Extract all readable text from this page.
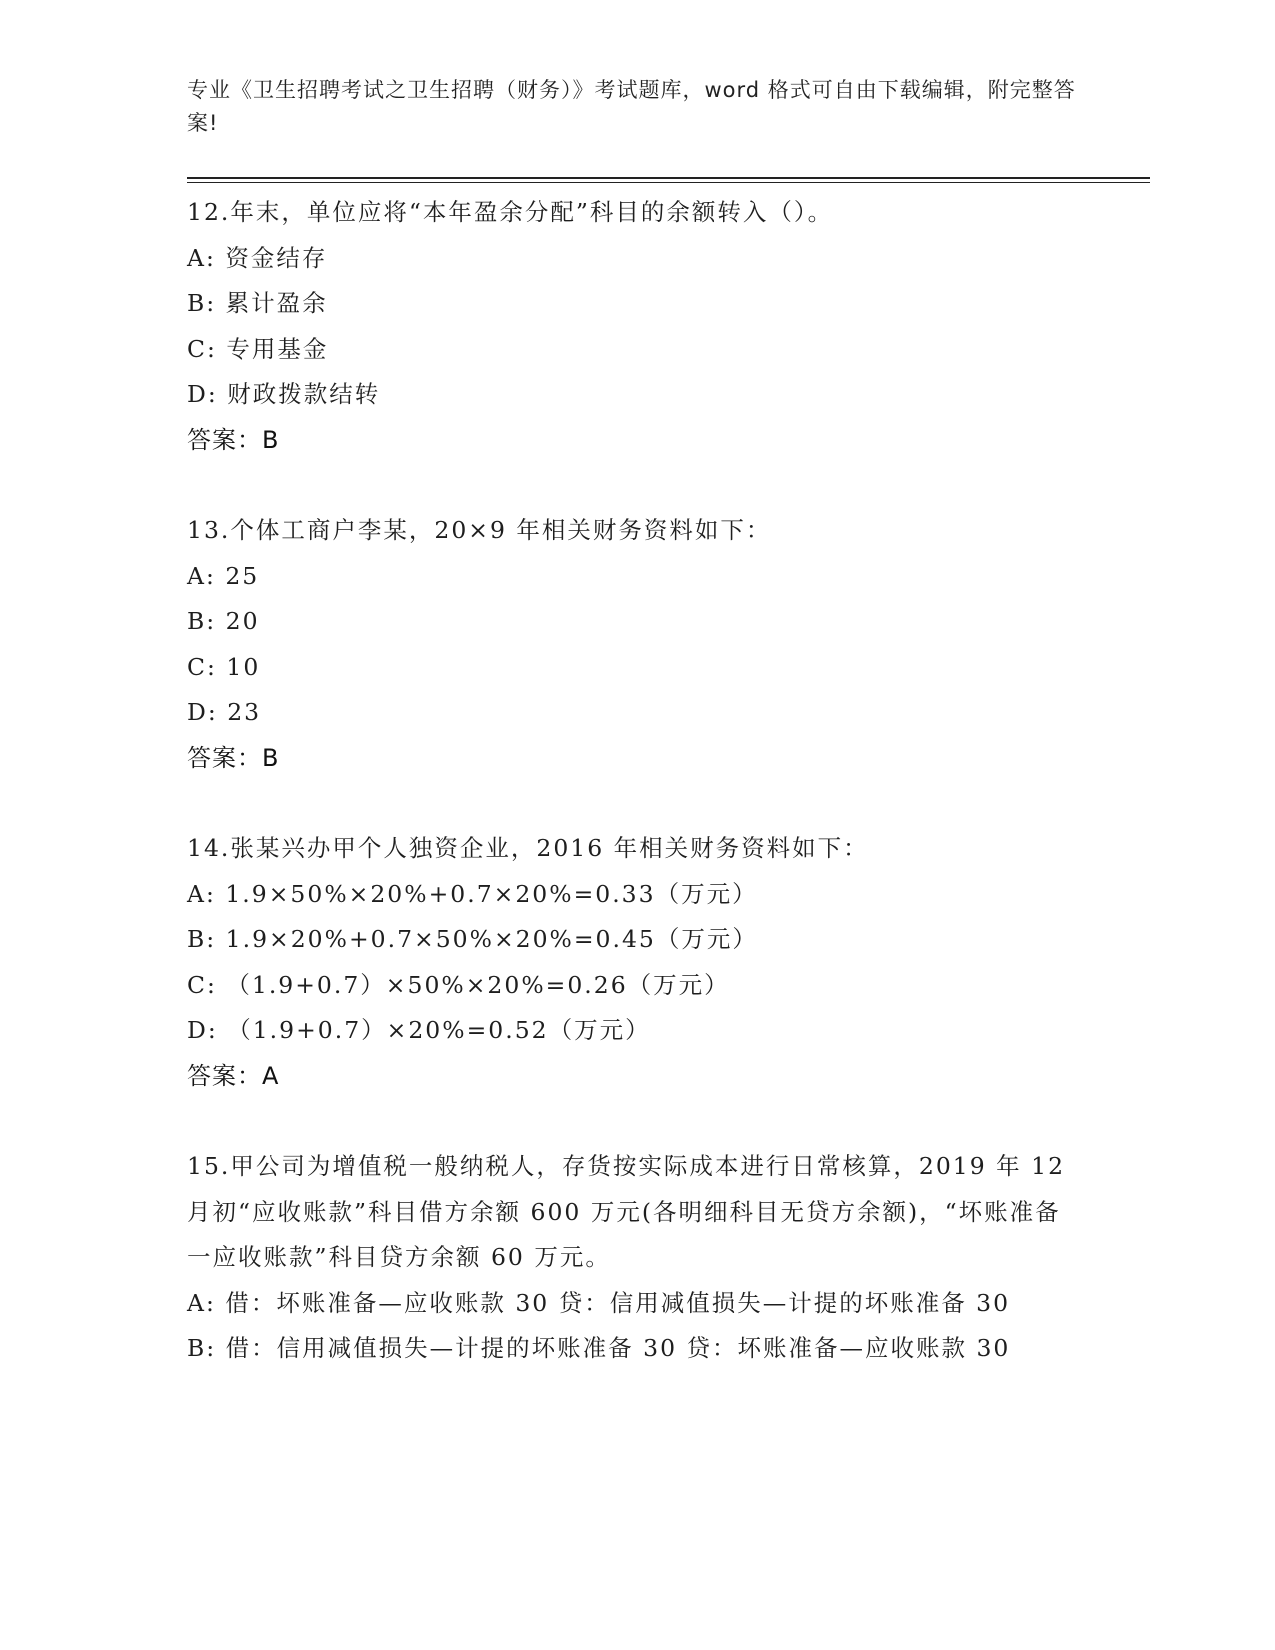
专业《卫生招聘考试之卫生招聘（财务）》考试题库，word 格式可自由下载编辑，附完整答案!

12.年末，单位应将“本年盈余分配”科目的余额转入（）。

A: 资金结存

B: 累计盈余

C: 专用基金

D: 财政拨款结转

答案：B

13.个体工商户李某，20×9 年相关财务资料如下：

A: 25

B: 20

C: 10

D: 23

答案：B

14.张某兴办甲个人独资企业，2016 年相关财务资料如下：

A: 1.9×50%×20%+0.7×20%=0.33（万元）

B: 1.9×20%+0.7×50%×20%=0.45（万元）

C: （1.9+0.7）×50%×20%=0.26（万元）

D: （1.9+0.7）×20%=0.52（万元）

答案：A

15.甲公司为增值税一般纳税人，存货按实际成本进行日常核算，2019 年 12 月初“应收账款”科目借方余额 600 万元(各明细科目无贷方余额)，“坏账准备一应收账款”科目贷方余额 60 万元。

A: 借：坏账准备—应收账款 30 贷：信用减值损失—计提的坏账准备 30

B: 借：信用减值损失—计提的坏账准备 30 贷：坏账准备—应收账款 30
